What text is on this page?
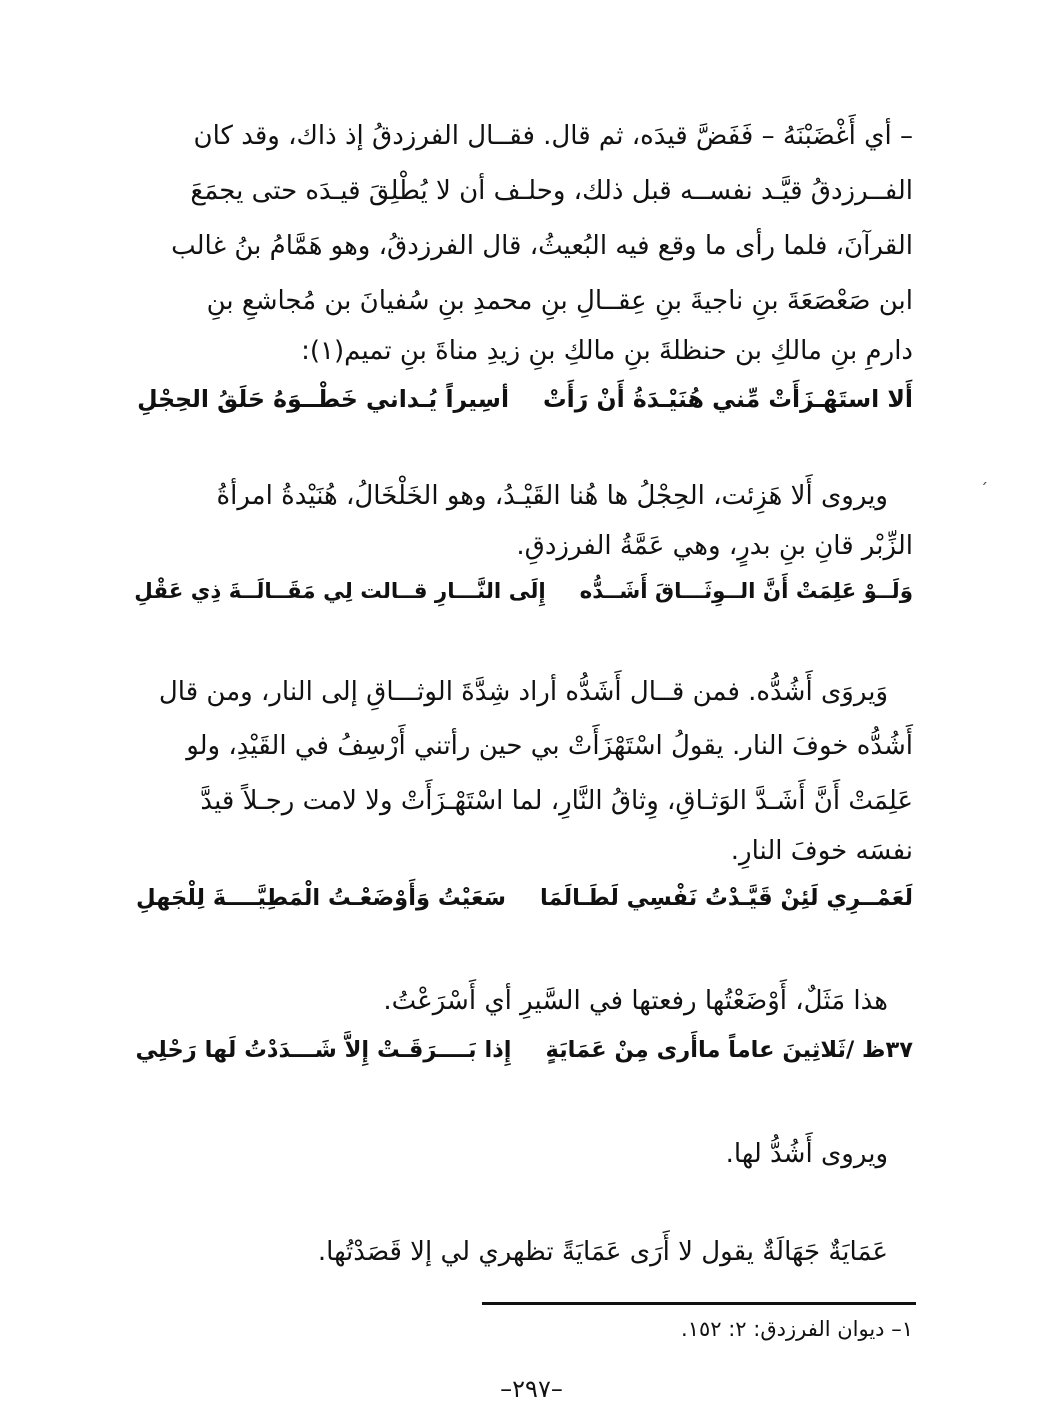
– أي أَغْضَبْنَهُ – فَفَضَّ قيدَه، ثم قال. فقــال الفرزدقُ إذ ذاك، وقد كان
الفــرزدقُ قيَّـد نفســه قبل ذلك، وحلـف أن لا يُطْلِقَ قيـدَه حتى يجمَعَ
القرآنَ، فلما رأى ما وقع فيه البُعيثُ، قال الفرزدقُ، وهو هَمَّامُ بنُ غالب
ابن صَعْصَعَةَ بنِ ناجيةَ بنِ عِقــالِ بنِ محمدِ بنِ سُفيانَ بن مُجاشعِ بنِ
دارمِ بنِ مالكِ بن حنظلةَ بنِ مالكِ بنِ زيدِ مناةَ بنِ تميم(١):
أَلا استَهْـزَأَتْ مِّني هُنَيْـدَةُ أَنْ رَأَتْأسِيراً يُـداني خَطْــوَهُ حَلَقُ الحِجْلِ
ويروى أَلا هَزِئت، الحِجْلُ ها هُنا القَيْـدُ، وهو الخَلْخَالُ، هُنَيْدةُ امرأةُ
الزِّبْر قانِ بنِ بدرٍ، وهي عَمَّةُ الفرزدقِ.
وَلَــوْ عَلِمَتْ أَنَّ الــوِثَـــاقَ أَشَــدُّهإِلَى النَّـــارِ قــالت لِي مَقَــالَــةَ ذِي عَقْلِ
وَيروَى أَشُدُّه. فمن قــال أَشَدُّه أراد شِدَّةَ الوثـــاقِ إلى النار، ومن قال
أَشُدُّه خوفَ النار. يقولُ اسْتَهْزَأَتْ بي حين رأتني أَرْسِفُ في القَيْدِ، ولو
عَلِمَتْ أَنَّ أَشَـدَّ الوَثـاقِ، وِثاقُ النَّارِ، لما اسْتَهْـزَأَتْ ولا لامت رجـلاً قيدَّ
نفسَه خوفَ النارِ.
لَعَمْــرِي لَئِنْ قَيَّـدْتُ نَفْسِي لَطَـالَمَاسَعَيْتُ وَأَوْضَعْـتُ الْمَطِيَّــــةَ لِلْجَهلِ
هذا مَثَلٌ، أَوْضَعْتُها رفعتها في السَّيرِ أي أَسْرَعْتُ.
٣٧ظ /ثَلاثِينَ عاماً ماأَرى مِنْ عَمَايَةٍإِذا بَــــرَقَـتْ إِلاَّ شَـــدَدْتُ لَها رَحْلِي
ويروى أَشُدُّ لها.
عَمَايَةٌ جَهَالَةٌ يقول لا أَرَى عَمَايَةً تظهري لي إلا قَصَدْتُها.
١– ديوان الفرزدق: ٢: ١٥٢.
–٢٩٧–
ˊ
